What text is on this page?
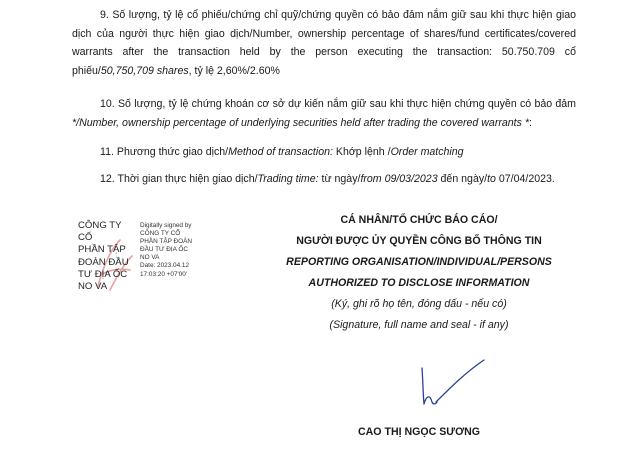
9. Số lượng, tỷ lệ cổ phiếu/chứng chỉ quỹ/chứng quyền có bảo đảm nắm giữ sau khi thực hiện giao dịch của người thực hiện giao dịch/Number, ownership percentage of shares/fund certificates/covered warrants after the transaction held by the person executing the transaction: 50.750.709 cổ phiếu/50,750,709 shares, tỷ lệ 2,60%/2.60%

10. Số lượng, tỷ lệ chứng khoán cơ sở dự kiến nắm giữ sau khi thực hiện chứng quyền có bảo đảm */Number, ownership percentage of underlying securities held after trading the covered warrants *:

11. Phương thức giao dịch/Method of transaction: Khớp lệnh /Order matching

12. Thời gian thực hiện giao dịch/Trading time: từ ngày/from 09/03/2023 đến ngày/to 07/04/2023.

CÔNG TY CỔ
PHẦN TẬP
ĐOÀN ĐẦU
TƯ ĐỊA ỐC
NO VA
Digitally signed by
CÔNG TY CỔ
PHẦN TẬP ĐOÀN
ĐẦU TƯ ĐỊA ỐC
NO VA
Date: 2023.04.12
17:03:20 +07'00'

CÁ NHÂN/TỔ CHỨC BÁO CÁO/

NGƯỜI ĐƯỢC ỦY QUYỀN CÔNG BỐ THÔNG TIN

REPORTING ORGANISATION/INDIVIDUAL/PERSONS

AUTHORIZED TO DISCLOSE INFORMATION

(Ký, ghi rõ họ tên, đóng dấu - nếu có)

(Signature, full name and seal - if any)

CAO THỊ NGỌC SƯƠNG
